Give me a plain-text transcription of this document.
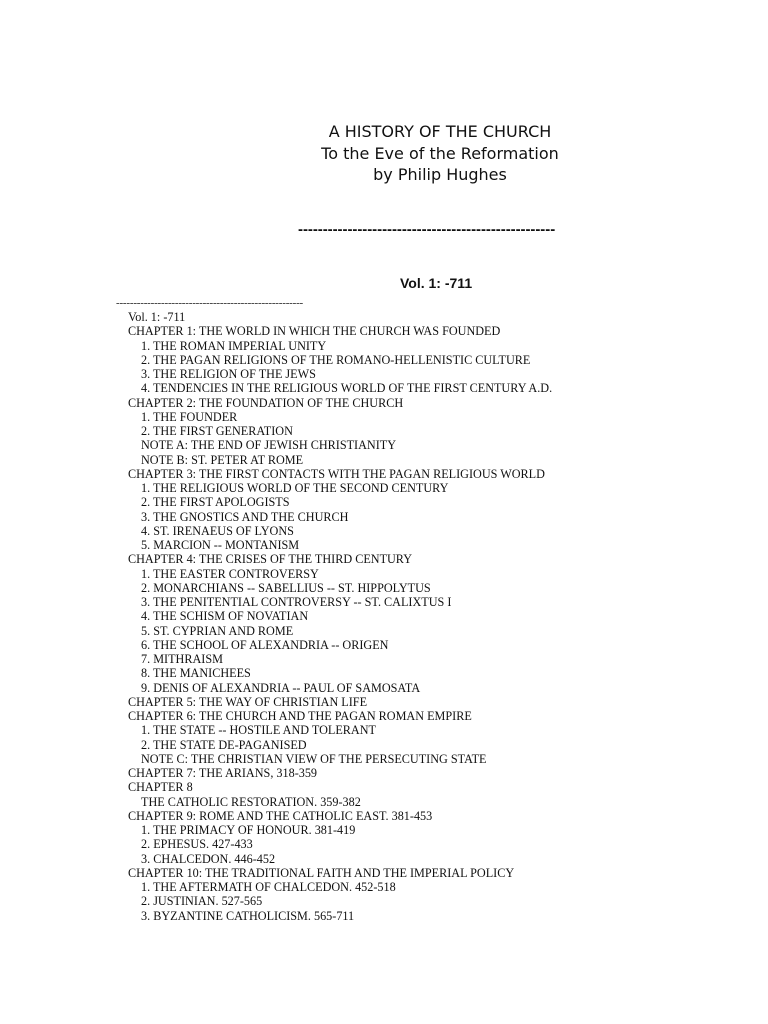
A HISTORY OF THE CHURCH
To the Eve of the Reformation
by Philip Hughes
----------------------------------------------------
Vol. 1: -711
------------------------------------------------------
Vol. 1: -711
CHAPTER 1: THE WORLD IN WHICH THE CHURCH WAS FOUNDED
1. THE ROMAN IMPERIAL UNITY
2. THE PAGAN RELIGIONS OF THE ROMANO-HELLENISTIC CULTURE
3. THE RELIGION OF THE JEWS
4. TENDENCIES IN THE RELIGIOUS WORLD OF THE FIRST CENTURY A.D.
CHAPTER 2: THE FOUNDATION OF THE CHURCH
1. THE FOUNDER
2. THE FIRST GENERATION
NOTE A: THE END OF JEWISH CHRISTIANITY
NOTE B: ST. PETER AT ROME
CHAPTER 3: THE FIRST CONTACTS WITH THE PAGAN RELIGIOUS WORLD
1. THE RELIGIOUS WORLD OF THE SECOND CENTURY
2. THE FIRST APOLOGISTS
3. THE GNOSTICS AND THE CHURCH
4. ST. IRENAEUS OF LYONS
5. MARCION -- MONTANISM
CHAPTER 4: THE CRISES OF THE THIRD CENTURY
1. THE EASTER CONTROVERSY
2. MONARCHIANS -- SABELLIUS -- ST. HIPPOLYTUS
3. THE PENITENTIAL CONTROVERSY -- ST. CALIXTUS I
4. THE SCHISM OF NOVATIAN
5. ST. CYPRIAN AND ROME
6. THE SCHOOL OF ALEXANDRIA -- ORIGEN
7. MITHRAISM
8. THE MANICHEES
9. DENIS OF ALEXANDRIA -- PAUL OF SAMOSATA
CHAPTER 5: THE WAY OF CHRISTIAN LIFE
CHAPTER 6: THE CHURCH AND THE PAGAN ROMAN EMPIRE
1. THE STATE -- HOSTILE AND TOLERANT
2. THE STATE DE-PAGANISED
NOTE C: THE CHRISTIAN VIEW OF THE PERSECUTING STATE
CHAPTER 7: THE ARIANS, 318-359
CHAPTER 8
THE CATHOLIC RESTORATION. 359-382
CHAPTER 9: ROME AND THE CATHOLIC EAST. 381-453
1. THE PRIMACY OF HONOUR. 381-419
2. EPHESUS. 427-433
3. CHALCEDON. 446-452
CHAPTER 10: THE TRADITIONAL FAITH AND THE IMPERIAL POLICY
1. THE AFTERMATH OF CHALCEDON. 452-518
2. JUSTINIAN. 527-565
3. BYZANTINE CATHOLICISM. 565-711
